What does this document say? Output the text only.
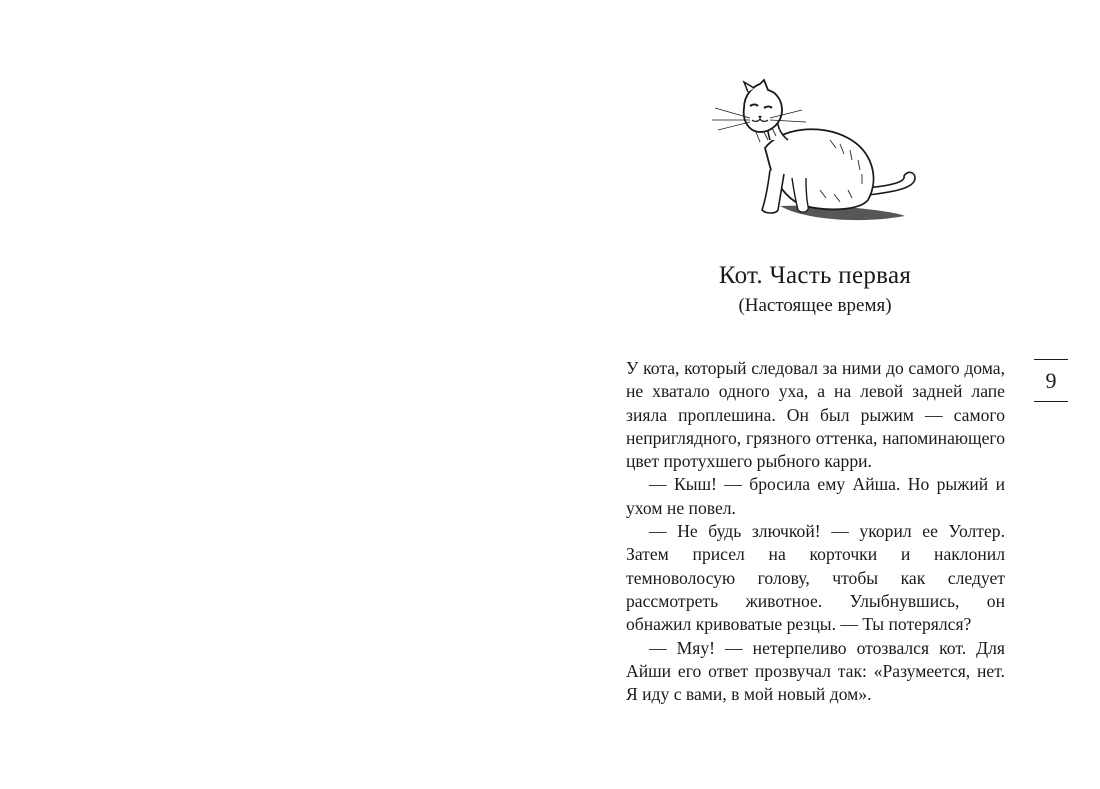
Кот. Часть первая
(Настоящее время)

У кота, который следовал за ними до самого дома, не хватало одного уха, а на левой задней лапе зияла проплешина. Он был рыжим — самого неприглядного, грязного оттенка, напоминающего цвет протухшего рыбного карри.

— Кыш! — бросила ему Айша. Но рыжий и ухом не повел.

— Не будь злючкой! — укорил ее Уолтер. Затем присел на корточки и наклонил темноволосую голову, чтобы как следует рассмотреть животное. Улыбнувшись, он обнажил кривоватые резцы. — Ты потерялся?

— Мяу! — нетерпеливо отозвался кот. Для Айши его ответ прозвучал так: «Разумеется, нет. Я иду с вами, в мой новый дом».

9
